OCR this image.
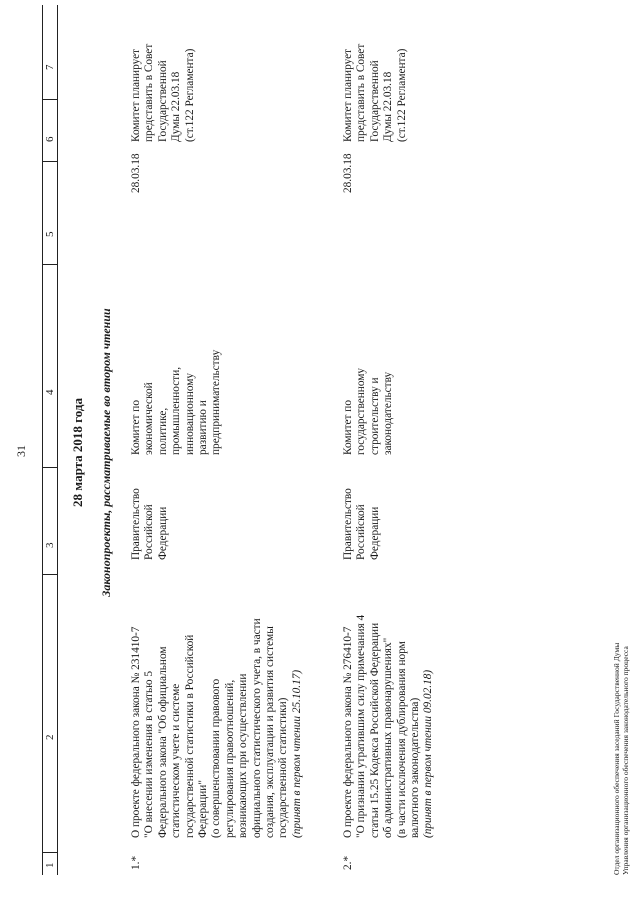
31
1
2
3
4
5
6
7
28 марта 2018 года Законопроекты, рассматриваемые во втором чтении
1.*
О проекте федерального закона № 231410-7 "О внесении изменения в статью 5 Федерального закона "Об официальном статистическом учете и системе государственной статистики в Российской Федерации" (о совершенствовании правового регулирования правоотношений, возникающих при осуществлении официального статистического учета, в части создания, эксплуатации и развития системы государственной статистики) (принят в первом чтении 25.10.17)
Правительство Российской Федерации
Комитет по экономической политике, промышленности, инновационному развитию и предпринимательству
28.03.18
Комитет планирует представить в Совет Государственной Думы 22.03.18 (ст.122 Регламента)
2.*
О проекте федерального закона № 276410-7 "О признании утратившим силу примечания 4 статьи 15.25 Кодекса Российской Федерации об административных правонарушениях" (в части исключения дублирования норм валютного законодательства) (принят в первом чтении 09.02.18)
Правительство Российской Федерации
Комитет по государственному строительству и законодательству
28.03.18
Комитет планирует представить в Совет Государственной Думы 22.03.18 (ст.122 Регламента)
Отдел организационного обеспечения заседаний Государственной Думы Управления организационного обеспечения законодательного процесса
